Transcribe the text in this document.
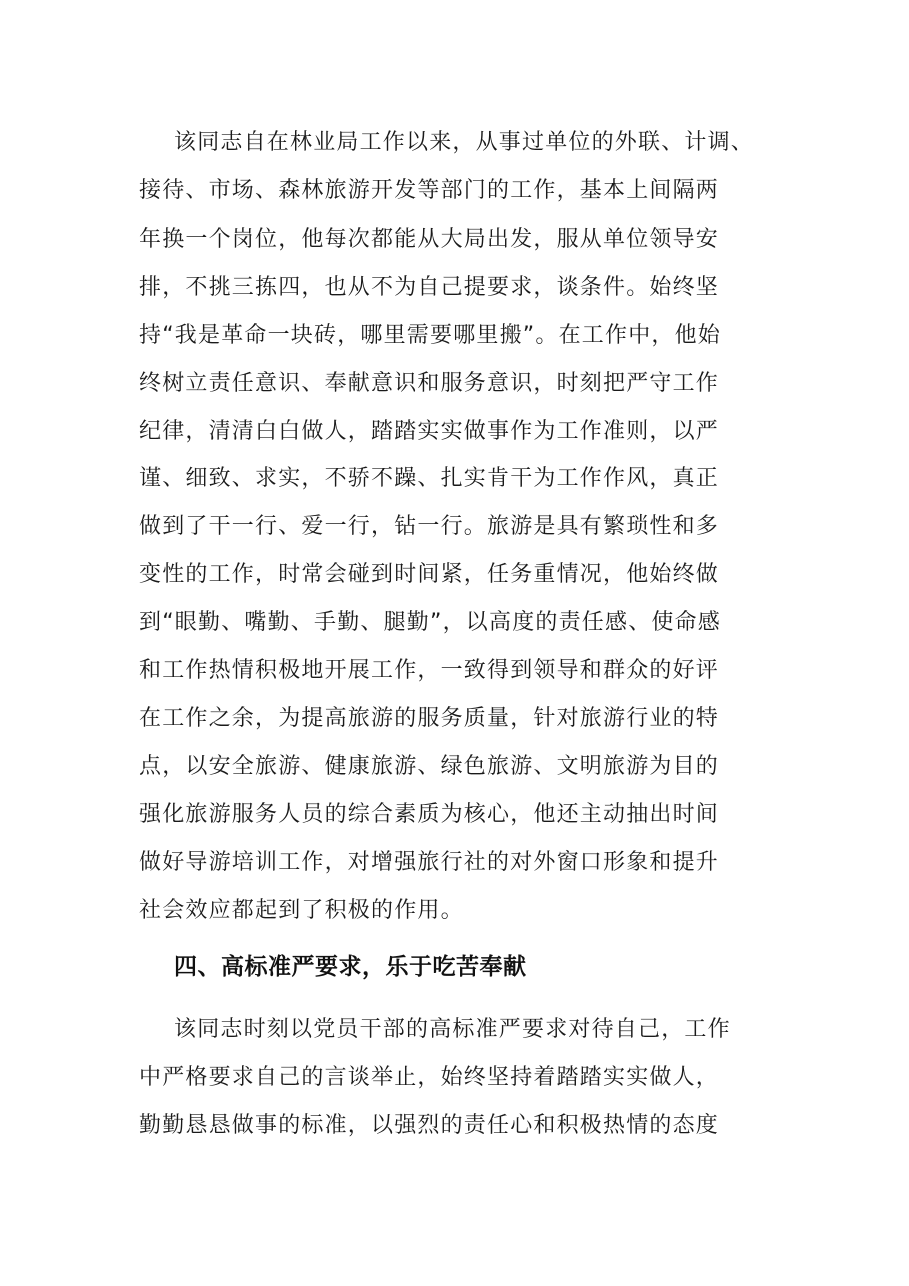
该同志自在林业局工作以来，从事过单位的外联、计调、

接待、市场、森林旅游开发等部门的工作，基本上间隔两

年换一个岗位，他每次都能从大局出发，服从单位领导安

排，不挑三拣四，也从不为自己提要求，谈条件。始终坚

持“我是革命一块砖，哪里需要哪里搬”。在工作中，他始

终树立责任意识、奉献意识和服务意识，时刻把严守工作

纪律，清清白白做人，踏踏实实做事作为工作准则，以严

谨、细致、求实，不骄不躁、扎实肯干为工作作风，真正

做到了干一行、爱一行，钻一行。旅游是具有繁琐性和多

变性的工作，时常会碰到时间紧，任务重情况，他始终做

到“眼勤、嘴勤、手勤、腿勤”，以高度的责任感、使命感

和工作热情积极地开展工作，一致得到领导和群众的好评

在工作之余，为提高旅游的服务质量，针对旅游行业的特

点，以安全旅游、健康旅游、绿色旅游、文明旅游为目的

强化旅游服务人员的综合素质为核心，他还主动抽出时间

做好导游培训工作，对增强旅行社的对外窗口形象和提升

社会效应都起到了积极的作用。

四、高标准严要求，乐于吃苦奉献

该同志时刻以党员干部的高标准严要求对待自己，工作

中严格要求自己的言谈举止，始终坚持着踏踏实实做人，

勤勤恳恳做事的标准，以强烈的责任心和积极热情的态度
